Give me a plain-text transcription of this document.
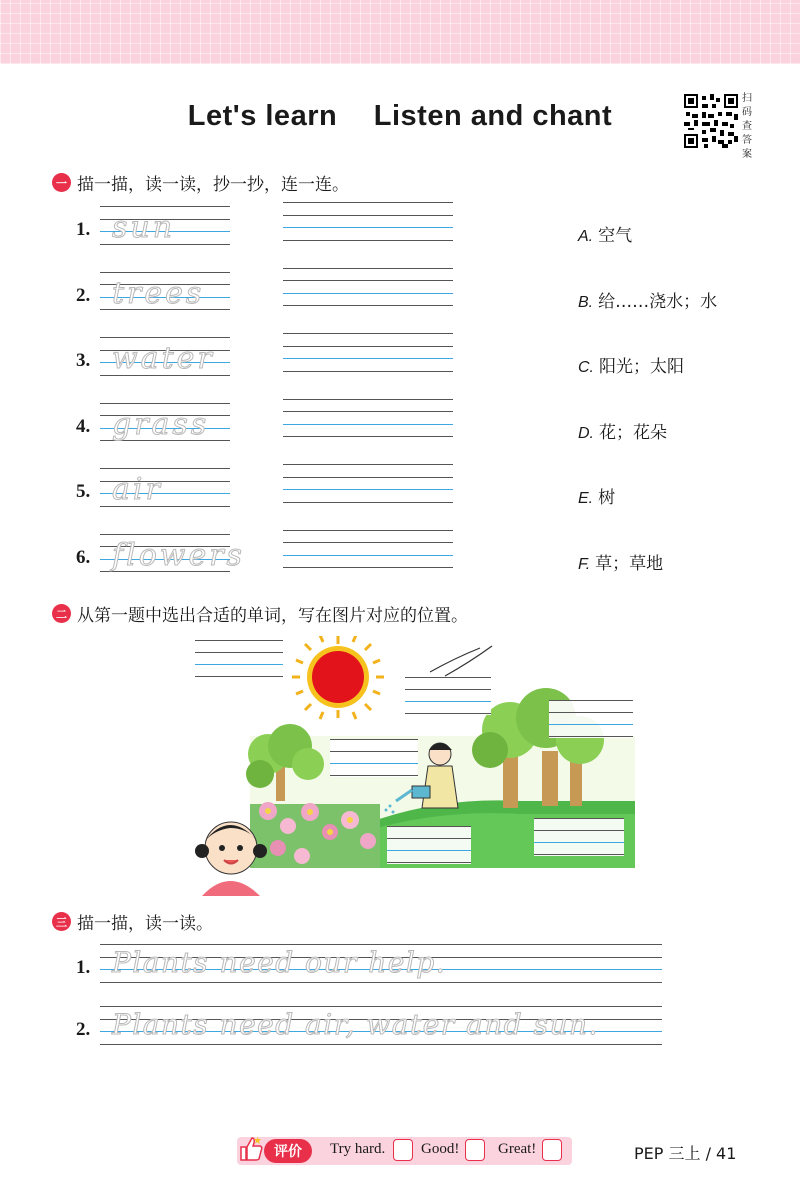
Let's learn Listen and chant
扫码查答案
一 描一描，读一读，抄一抄，连一连。
1. sun	A. 空气
2. trees	B. 给……浇水；水
3. water	C. 阳光；太阳
4. grass	D. 花；花朵
5. air	E. 树
6. flowers	F. 草；草地
二 从第一题中选出合适的单词，写在图片对应的位置。
三 描一描，读一读。
1. Plants need our help.
2. Plants need air, water and sun.
评价	Try hard. Good!	Great!	PEP 三上 / 41
